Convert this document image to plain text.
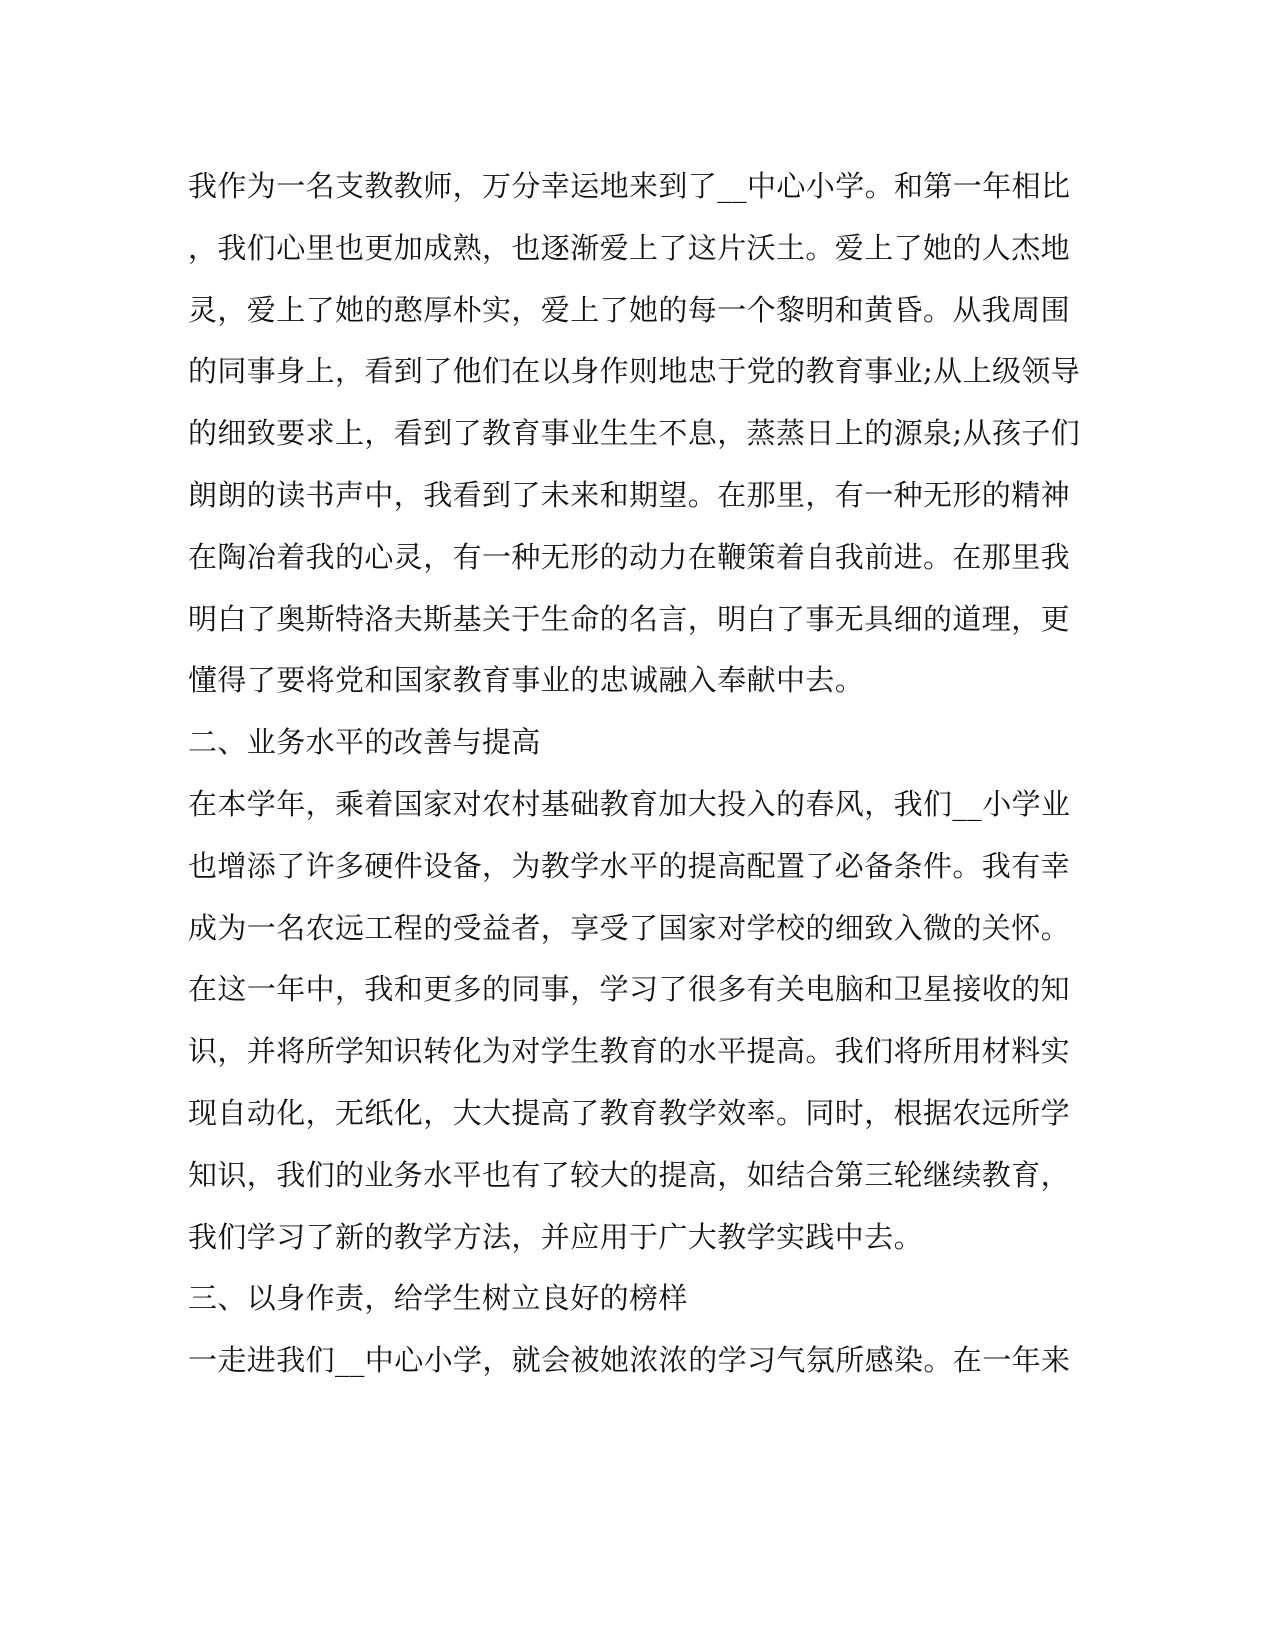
我作为一名支教教师，万分幸运地来到了__中心小学。和第一年相比
，我们心里也更加成熟，也逐渐爱上了这片沃土。爱上了她的人杰地
灵，爱上了她的憨厚朴实，爱上了她的每一个黎明和黄昏。从我周围
的同事身上，看到了他们在以身作则地忠于党的教育事业;从上级领导
的细致要求上，看到了教育事业生生不息，蒸蒸日上的源泉;从孩子们
朗朗的读书声中，我看到了未来和期望。在那里，有一种无形的精神
在陶冶着我的心灵，有一种无形的动力在鞭策着自我前进。在那里我
明白了奥斯特洛夫斯基关于生命的名言，明白了事无具细的道理，更
懂得了要将党和国家教育事业的忠诚融入奉献中去。
二、业务水平的改善与提高
在本学年，乘着国家对农村基础教育加大投入的春风，我们__小学业
也增添了许多硬件设备，为教学水平的提高配置了必备条件。我有幸
成为一名农远工程的受益者，享受了国家对学校的细致入微的关怀。
在这一年中，我和更多的同事，学习了很多有关电脑和卫星接收的知
识，并将所学知识转化为对学生教育的水平提高。我们将所用材料实
现自动化，无纸化，大大提高了教育教学效率。同时，根据农远所学
知识，我们的业务水平也有了较大的提高，如结合第三轮继续教育，
我们学习了新的教学方法，并应用于广大教学实践中去。
三、以身作责，给学生树立良好的榜样
一走进我们__中心小学，就会被她浓浓的学习气氛所感染。在一年来
